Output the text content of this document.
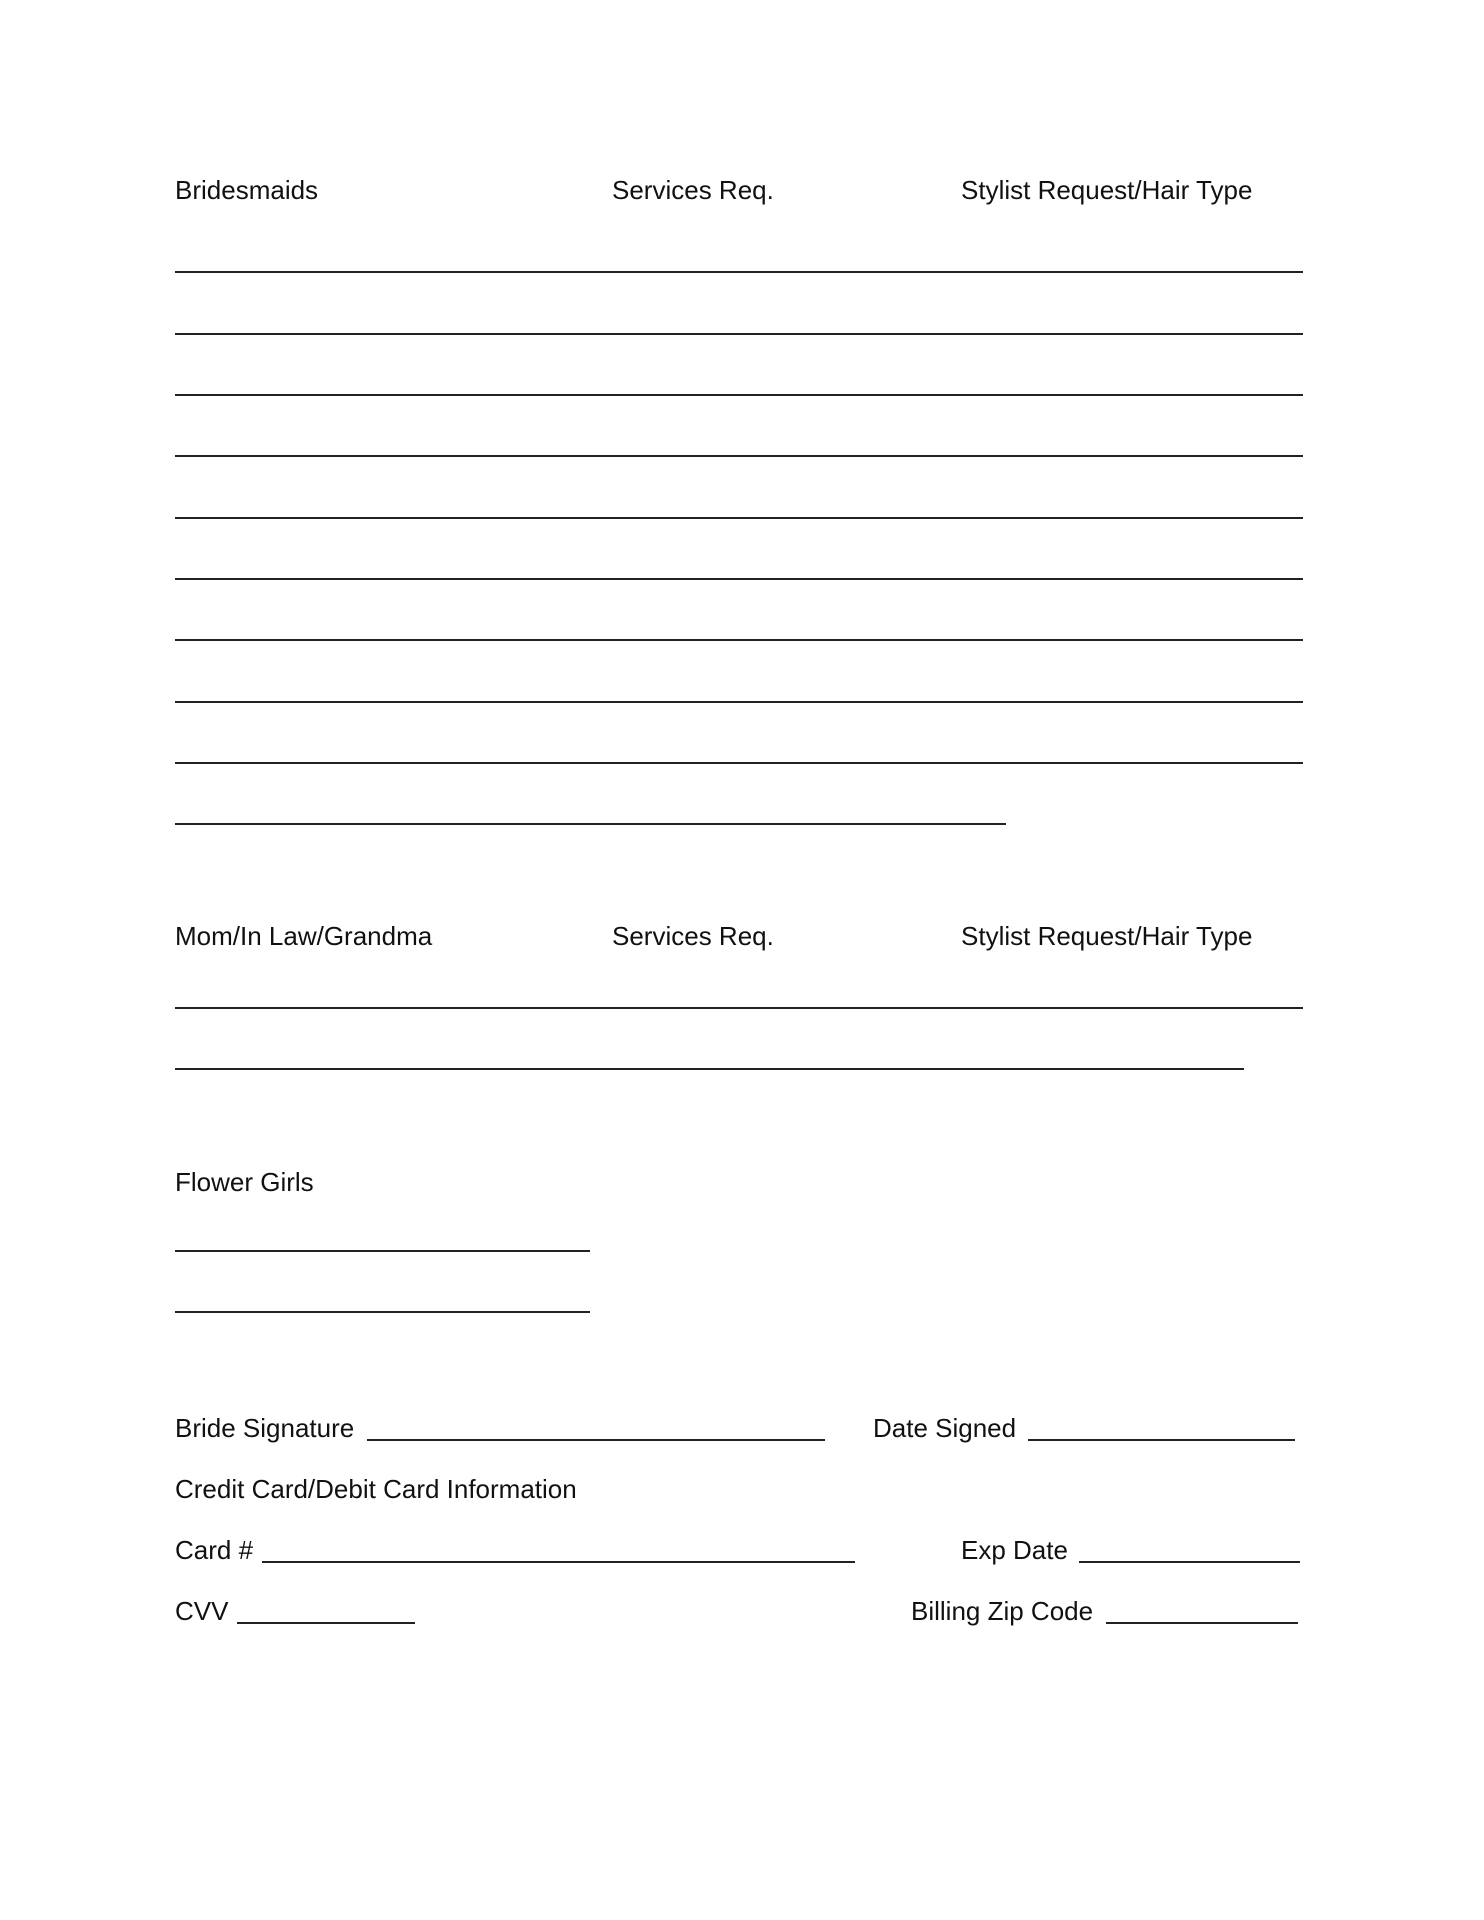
Bridesmaids	Services Req.	Stylist Request/Hair Type
Mom/In Law/Grandma	Services Req.	Stylist Request/Hair Type
Flower Girls
Bride Signature	Date Signed
Credit Card/Debit Card Information
Card #	Exp Date
CVV	Billing Zip Code
